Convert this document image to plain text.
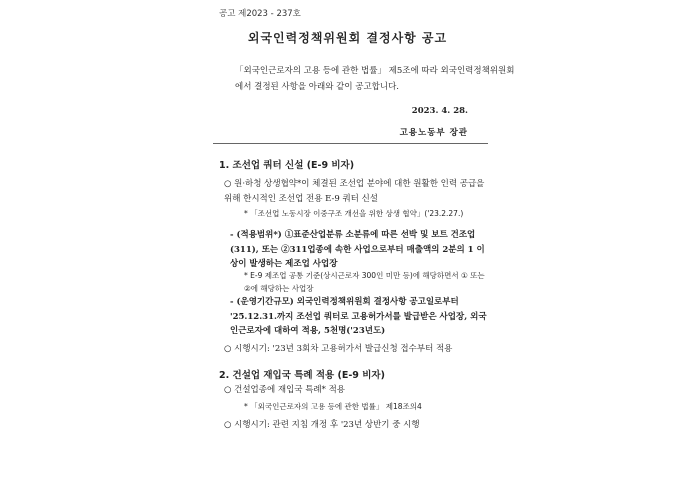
공고 제2023 - 237호
외국인력정책위원회 결정사항 공고
「외국인근로자의 고용 등에 관한 법률」 제5조에 따라 외국인력정책위원회에서 결정된 사항을 아래와 같이 공고합니다.
2023. 4. 28.
고용노동부 장관
1. 조선업 쿼터 신설 (E-9 비자)
○ 원·하청 상생협약*이 체결된 조선업 분야에 대한 원활한 인력 공급을 위해 한시적인 조선업 전용 E-9 쿼터 신설
* 「조선업 노동시장 이중구조 개선을 위한 상생 협약」('23.2.27.)
- (적용범위*) ①표준산업분류 소분류에 따른 선박 및 보트 건조업(311), 또는 ②311업종에 속한 사업으로부터 매출액의 2분의 1 이상이 발생하는 제조업 사업장
* E-9 제조업 공통 기준(상시근로자 300인 미만 등)에 해당하면서 ① 또는 ②에 해당하는 사업장
- (운영기간규모) 외국인력정책위원회 결정사항 공고일로부터 '25.12.31.까지 조선업 쿼터로 고용허가서를 발급받은 사업장, 외국인근로자에 대하여 적용, 5천명('23년도)
○ 시행시기: '23년 3회차 고용허가서 발급신청 접수부터 적용
2. 건설업 재입국 특례 적용 (E-9 비자)
○ 건설업종에 재입국 특례* 적용
* 「외국인근로자의 고용 등에 관한 법률」 제18조의4
○ 시행시기: 관련 지침 개정 후 '23년 상반기 중 시행
